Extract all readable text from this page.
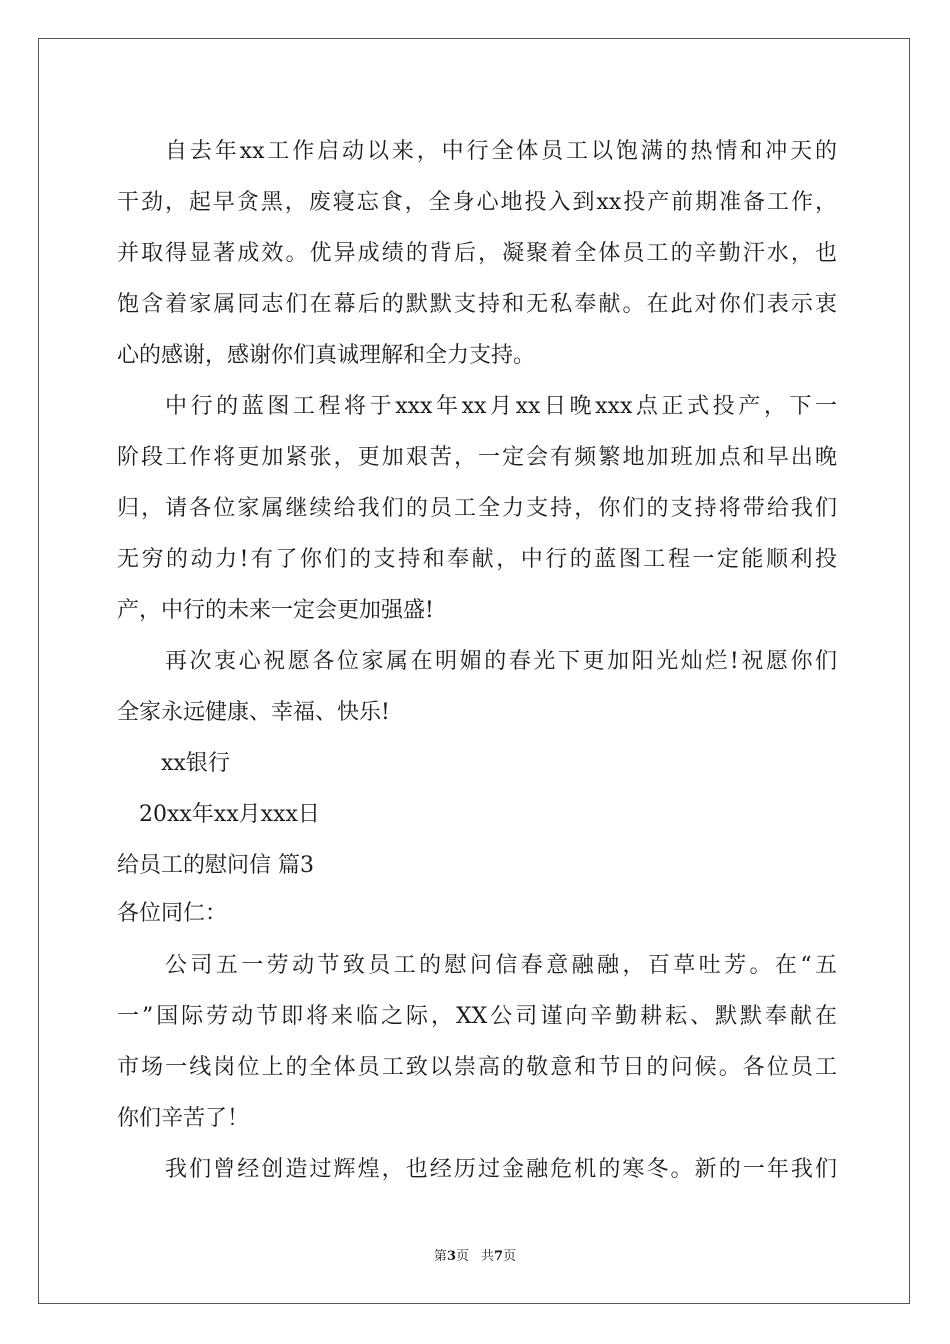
自去年xx工作启动以来，中行全体员工以饱满的热情和冲天的
干劲，起早贪黑，废寝忘食，全身心地投入到xx投产前期准备工作，
并取得显著成效。优异成绩的背后，凝聚着全体员工的辛勤汗水，也
饱含着家属同志们在幕后的默默支持和无私奉献。在此对你们表示衷
心的感谢，感谢你们真诚理解和全力支持。
中行的蓝图工程将于xxx年xx月xx日晚xxx点正式投产，下一
阶段工作将更加紧张，更加艰苦，一定会有频繁地加班加点和早出晚
归，请各位家属继续给我们的员工全力支持，你们的支持将带给我们
无穷的动力!有了你们的支持和奉献，中行的蓝图工程一定能顺利投
产，中行的未来一定会更加强盛!
再次衷心祝愿各位家属在明媚的春光下更加阳光灿烂!祝愿你们
全家永远健康、幸福、快乐!
xx银行
20xx年xx月xxx日
给员工的慰问信 篇3
各位同仁：
公司五一劳动节致员工的慰问信春意融融，百草吐芳。在“五
一”国际劳动节即将来临之际，XX公司谨向辛勤耕耘、默默奉献在
市场一线岗位上的全体员工致以崇高的敬意和节日的问候。各位员工
你们辛苦了！
我们曾经创造过辉煌，也经历过金融危机的寒冬。新的一年我们
第3页 共7页
